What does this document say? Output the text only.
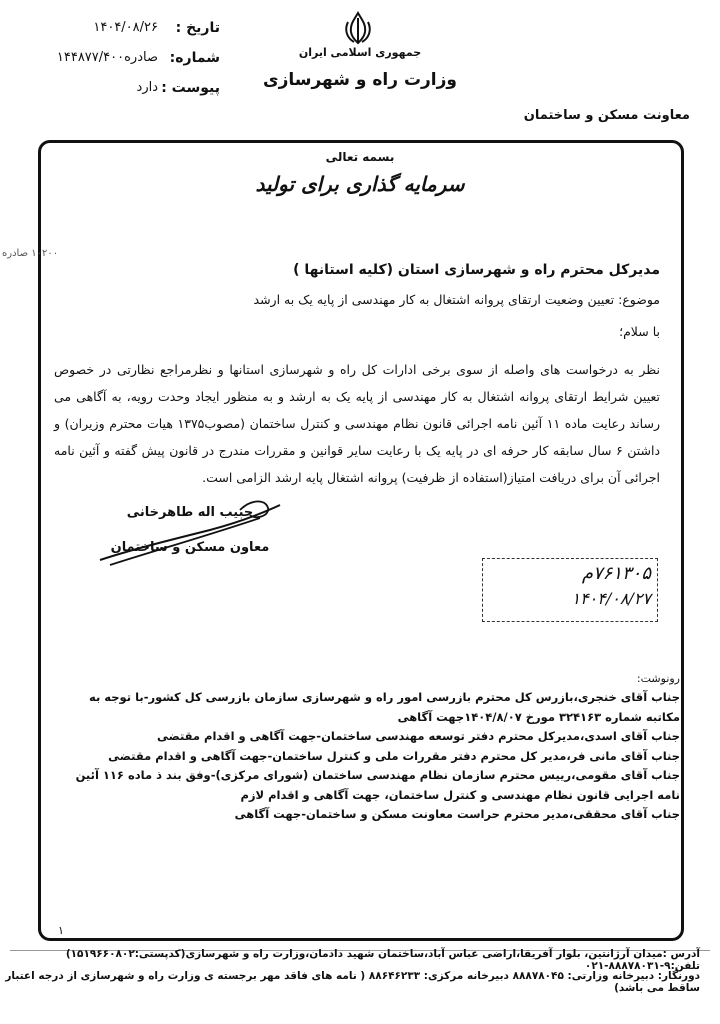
تاریخ :
۱۴۰۴/۰۸/۲۶
شماره:
۱۴۴۸۷۷/۴۰۰صادره
پیوست :
دارد
جمهوری اسلامی ایران
وزارت راه و شهرسازی
معاونت مسکن و ساختمان
بسمه تعالی
سرمایه گذاری برای تولید
۱۰۲۰۰ صادره
مدیرکل محترم راه و شهرسازی استان (کلیه استانها )
موضوع: تعیین وضعیت ارتقای پروانه اشتغال به کار مهندسی از پایه یک به ارشد
با سلام؛
نظر به درخواست های واصله از سوی برخی ادارات کل راه و شهرسازی استانها و نظرمراجع نظارتی در خصوص تعیین شرایط ارتقای پروانه اشتغال به کار مهندسی از پایه یک به ارشد و به منظور ایجاد وحدت رویه، به آگاهی می رساند رعایت ماده ۱۱ آئین نامه اجرائی قانون نظام مهندسی و کنترل ساختمان (مصوب۱۳۷۵ هیات محترم وزیران) و داشتن ۶ سال سابقه کار حرفه ای در پایه یک با رعایت سایر قوانین و مقررات مندرج در قانون پیش گفته و آئین نامه اجرائی آن برای دریافت امتیاز(استفاده از ظرفیت) پروانه اشتغال پایه ارشد الزامی است.
حبیب اله طاهرخانی
معاون مسکن و ساختمان
۷۶۱۳۰۵م
۱۴۰۴/۰۸/۲۷
رونوشت:
جناب آقای خنجری،بازرس کل محترم بازرسی امور راه و شهرسازی سازمان بازرسی کل کشور-با توجه به مکاتبه شماره ۳۲۴۱۶۳ مورخ ۱۴۰۴/۸/۰۷جهت آگاهی
جناب آقای اسدی،مدیرکل محترم دفتر توسعه مهندسی ساختمان-جهت آگاهی و اقدام مقتضی
جناب آقای مانی فر،مدیر کل محترم دفتر مقررات ملی و کنترل ساختمان-جهت آگاهی و اقدام مقتضی
جناب آقای مقومی،رییس محترم سازمان نظام مهندسی ساختمان (شورای مرکزی)-وفق بند ذ ماده ۱۱۶ آئین نامه اجرایی قانون نظام مهندسی و کنترل ساختمان، جهت آگاهی و اقدام لازم
جناب آقای محققی،مدیر محترم حراست معاونت مسکن و ساختمان-جهت آگاهی
۱
آدرس :میدان آرژانتین، بلوار آفریقا،اراضی عباس آباد،ساختمان شهید دادمان،وزارت راه و شهرسازی(کدپستی:۱۵۱۹۶۶۰۸۰۲) تلفن:۹-۸۸۸۷۸۰۳۱-۰۲۱
دورنگار: دبیرخانه وزارتی: ۸۸۸۷۸۰۴۵ دبیرخانه مرکزی: ۸۸۶۴۶۲۳۳ ( نامه های فاقد مهر برجسته ی وزارت راه و شهرسازی از درجه اعتبار ساقط می باشد)
